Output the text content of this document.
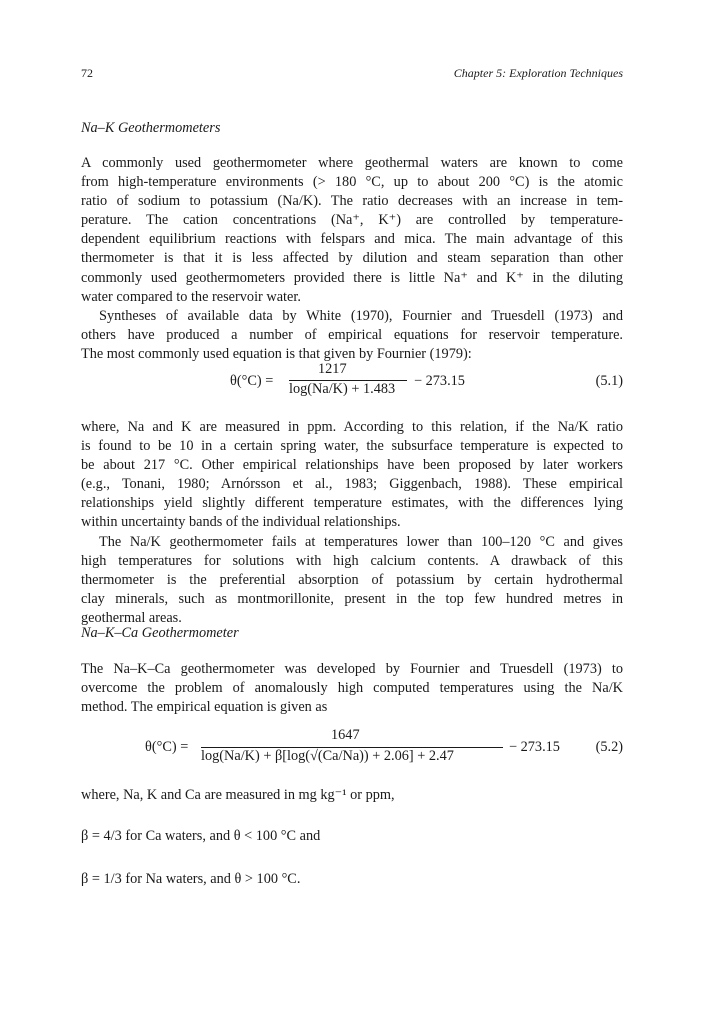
72	Chapter 5: Exploration Techniques
Na–K Geothermometers
A commonly used geothermometer where geothermal waters are known to come
from high-temperature environments (> 180 °C, up to about 200 °C) is the atomic
ratio of sodium to potassium (Na/K). The ratio decreases with an increase in tem-
perature. The cation concentrations (Na⁺, K⁺) are controlled by temperature-
dependent equilibrium reactions with felspars and mica. The main advantage of this
thermometer is that it is less affected by dilution and steam separation than other
commonly used geothermometers provided there is little Na⁺ and K⁺ in the diluting
water compared to the reservoir water.
Syntheses of available data by White (1970), Fournier and Truesdell (1973) and
others have produced a number of empirical equations for reservoir temperature.
The most commonly used equation is that given by Fournier (1979):
θ(°C) =
1217
log(Na/K) + 1.483 − 273.15	(5.1)
where, Na and K are measured in ppm. According to this relation, if the Na/K ratio
is found to be 10 in a certain spring water, the subsurface temperature is expected to
be about 217 °C. Other empirical relationships have been proposed by later workers
(e.g., Tonani, 1980; Arnórsson et al., 1983; Giggenbach, 1988). These empirical
relationships yield slightly different temperature estimates, with the differences lying
within uncertainty bands of the individual relationships.
The Na/K geothermometer fails at temperatures lower than 100–120 °C and gives
high temperatures for solutions with high calcium contents. A drawback of this
thermometer is the preferential absorption of potassium by certain hydrothermal
clay minerals, such as montmorillonite, present in the top few hundred metres in
geothermal areas.
Na–K–Ca Geothermometer
The Na–K–Ca geothermometer was developed by Fournier and Truesdell (1973) to
overcome the problem of anomalously high computed temperatures using the Na/K
method. The empirical equation is given as
θ(°C) =
1647
log(Na/K) + β[log(√(Ca/Na)) + 2.06] + 2.47
− 273.15 (5.2)
where, Na, K and Ca are measured in mg kg⁻¹ or ppm,
β = 4/3 for Ca waters, and θ < 100 °C and
β = 1/3 for Na waters, and θ > 100 °C.
